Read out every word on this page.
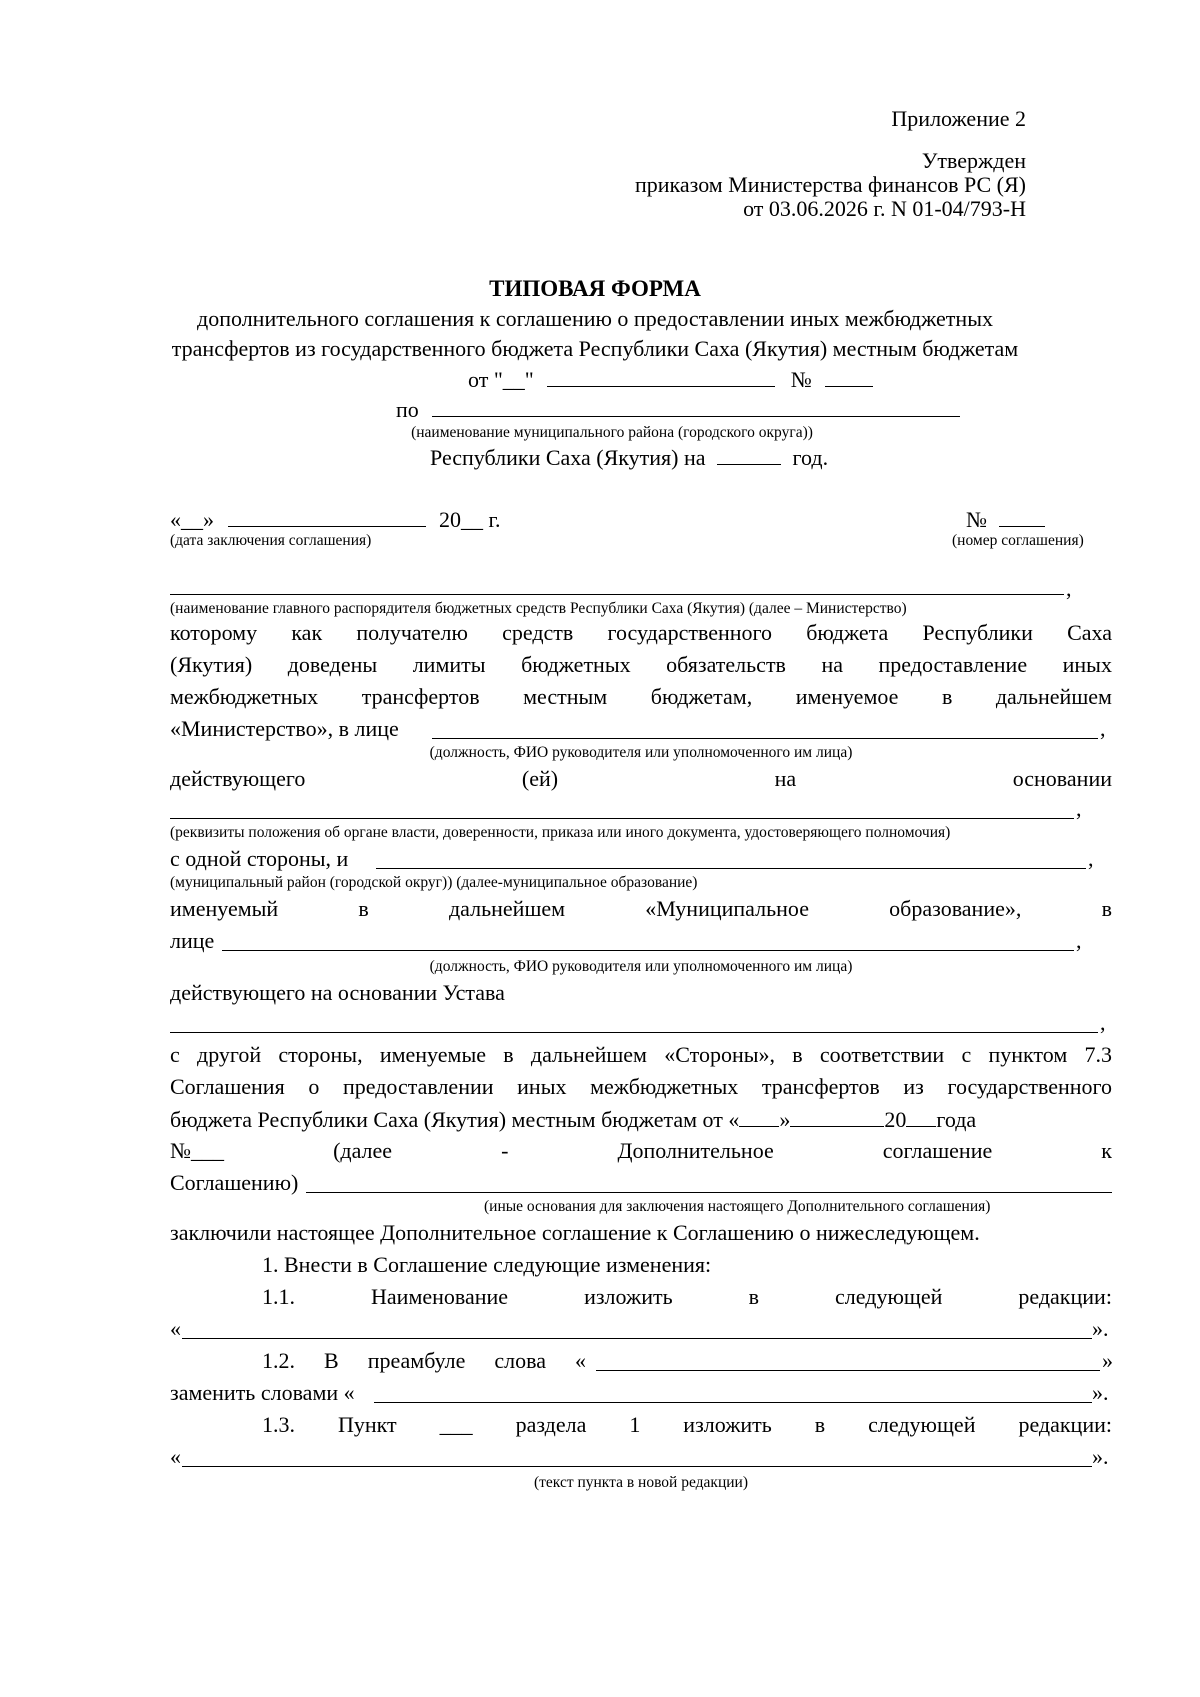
Приложение 2
Утвержден
приказом Министерства финансов РС (Я)
от 03.06.2026 г. N 01-04/793-Н
ТИПОВАЯ ФОРМА
дополнительного соглашения к соглашению о предоставлении иных межбюджетных
трансфертов из государственного бюджета Республики Саха (Якутия) местным бюджетам
от "__"	№
по
(наименование муниципального района (городского округа))
Республики Саха (Якутия) на	год.
«__»	20__ г.	№
(дата заключения соглашения)	(номер соглашения)
,
(наименование главного распорядителя бюджетных средств Республики Саха (Якутия) (далее – Министерство)
которому как получателю средств государственного бюджета Республики Саха
(Якутия) доведены лимиты бюджетных обязательств на предоставление иных
межбюджетных трансфертов местным бюджетам, именуемое в дальнейшем
«Министерство», в лице	,
(должность, ФИО руководителя или уполномоченного им лица)
действующего	(ей)	на	основании
,
(реквизиты положения об органе власти, доверенности, приказа или иного документа, удостоверяющего полномочия)
с одной стороны, и	,
(муниципальный район (городской округ)) (далее-муниципальное образование)
именуемый	в	дальнейшем	«Муниципальное	образование»,	в
лице	,
(должность, ФИО руководителя или уполномоченного им лица)
действующего на основании Устава
,
с другой стороны, именуемые в дальнейшем «Стороны», в соответствии с пунктом 7.3
Соглашения о предоставлении иных межбюджетных трансфертов из государственного
бюджета Республики Саха (Якутия) местным бюджетам от « »	20 года
№___	(далее	-	Дополнительное	соглашение	к
Соглашению)
(иные основания для заключения настоящего Дополнительного соглашения)
заключили настоящее Дополнительное соглашение к Соглашению о нижеследующем.
1. Внести в Соглашение следующие изменения:
1.1.	Наименование	изложить	в	следующей	редакции:
«	».
1.2. В преамбуле слова «	»
заменить словами «	».
1.3. Пункт ___ раздела 1 изложить в следующей редакции:
«	».
(текст пункта в новой редакции)
